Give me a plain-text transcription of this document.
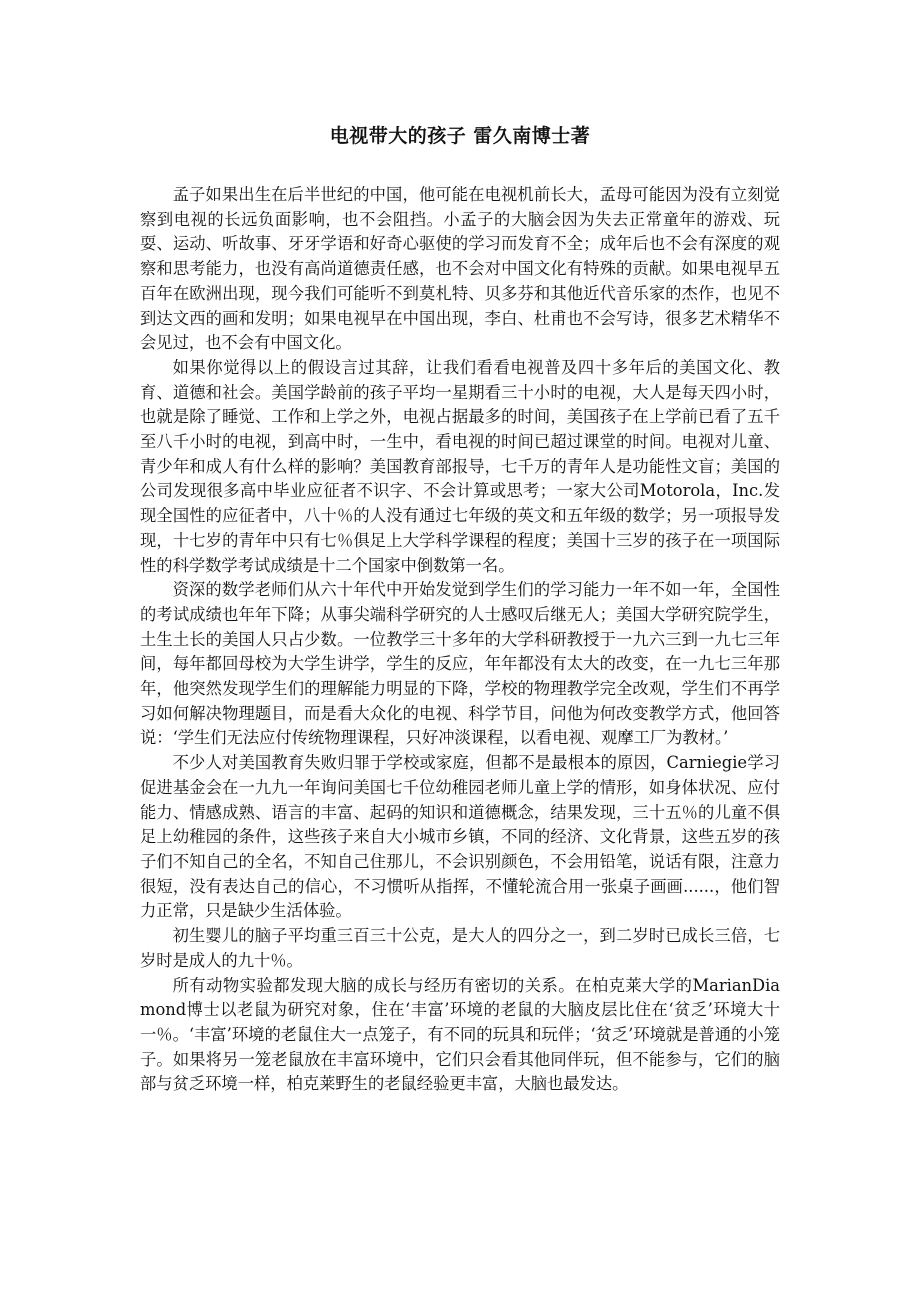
电视带大的孩子 雷久南博士著

孟子如果出生在后半世纪的中国，他可能在电视机前长大，孟母可能因为没有立刻觉察到电视的长远负面影响，也不会阻挡。小孟子的大脑会因为失去正常童年的游戏、玩耍、运动、听故事、牙牙学语和好奇心驱使的学习而发育不全；成年后也不会有深度的观察和思考能力，也没有高尚道德责任感，也不会对中国文化有特殊的贡献。如果电视早五百年在欧洲出现，现今我们可能听不到莫札特、贝多芬和其他近代音乐家的杰作，也见不到达文西的画和发明；如果电视早在中国出现，李白、杜甫也不会写诗，很多艺术精华不会见过，也不会有中国文化。

如果你觉得以上的假设言过其辞，让我们看看电视普及四十多年后的美国文化、教育、道德和社会。美国学龄前的孩子平均一星期看三十小时的电视，大人是每天四小时，也就是除了睡觉、工作和上学之外，电视占据最多的时间，美国孩子在上学前已看了五千至八千小时的电视，到高中时，一生中，看电视的时间已超过课堂的时间。电视对儿童、青少年和成人有什么样的影响？美国教育部报导，七千万的青年人是功能性文盲；美国的公司发现很多高中毕业应征者不识字、不会计算或思考；一家大公司Motorola，Inc.发现全国性的应征者中，八十％的人没有通过七年级的英文和五年级的数学；另一项报导发现，十七岁的青年中只有七％俱足上大学科学课程的程度；美国十三岁的孩子在一项国际性的科学数学考试成绩是十二个国家中倒数第一名。

资深的数学老师们从六十年代中开始发觉到学生们的学习能力一年不如一年，全国性的考试成绩也年年下降；从事尖端科学研究的人士感叹后继无人；美国大学研究院学生，土生土长的美国人只占少数。一位教学三十多年的大学科研教授于一九六三到一九七三年间，每年都回母校为大学生讲学，学生的反应，年年都没有太大的改变，在一九七三年那年，他突然发现学生们的理解能力明显的下降，学校的物理教学完全改观，学生们不再学习如何解决物理题目，而是看大众化的电视、科学节目，问他为何改变教学方式，他回答说：‘学生们无法应付传统物理课程，只好冲淡课程，以看电视、观摩工厂为教材。’

不少人对美国教育失败归罪于学校或家庭，但都不是最根本的原因，Carniegie学习促进基金会在一九九一年询问美国七千位幼稚园老师儿童上学的情形，如身体状况、应付能力、情感成熟、语言的丰富、起码的知识和道德概念，结果发现，三十五％的儿童不俱足上幼稚园的条件，这些孩子来自大小城市乡镇，不同的经济、文化背景，这些五岁的孩子们不知自己的全名，不知自己住那儿，不会识别颜色，不会用铅笔，说话有限，注意力很短，没有表达自己的信心，不习惯听从指挥，不懂轮流合用一张桌子画画......，他们智力正常，只是缺少生活体验。

初生婴儿的脑子平均重三百三十公克，是大人的四分之一，到二岁时已成长三倍，七岁时是成人的九十％。

所有动物实验都发现大脑的成长与经历有密切的关系。在柏克莱大学的MarianDiamond博士以老鼠为研究对象，住在‘丰富’环境的老鼠的大脑皮层比住在‘贫乏’环境大十一％。‘丰富’环境的老鼠住大一点笼子，有不同的玩具和玩伴；‘贫乏’环境就是普通的小笼子。如果将另一笼老鼠放在丰富环境中，它们只会看其他同伴玩，但不能参与，它们的脑部与贫乏环境一样，柏克莱野生的老鼠经验更丰富，大脑也最发达。
